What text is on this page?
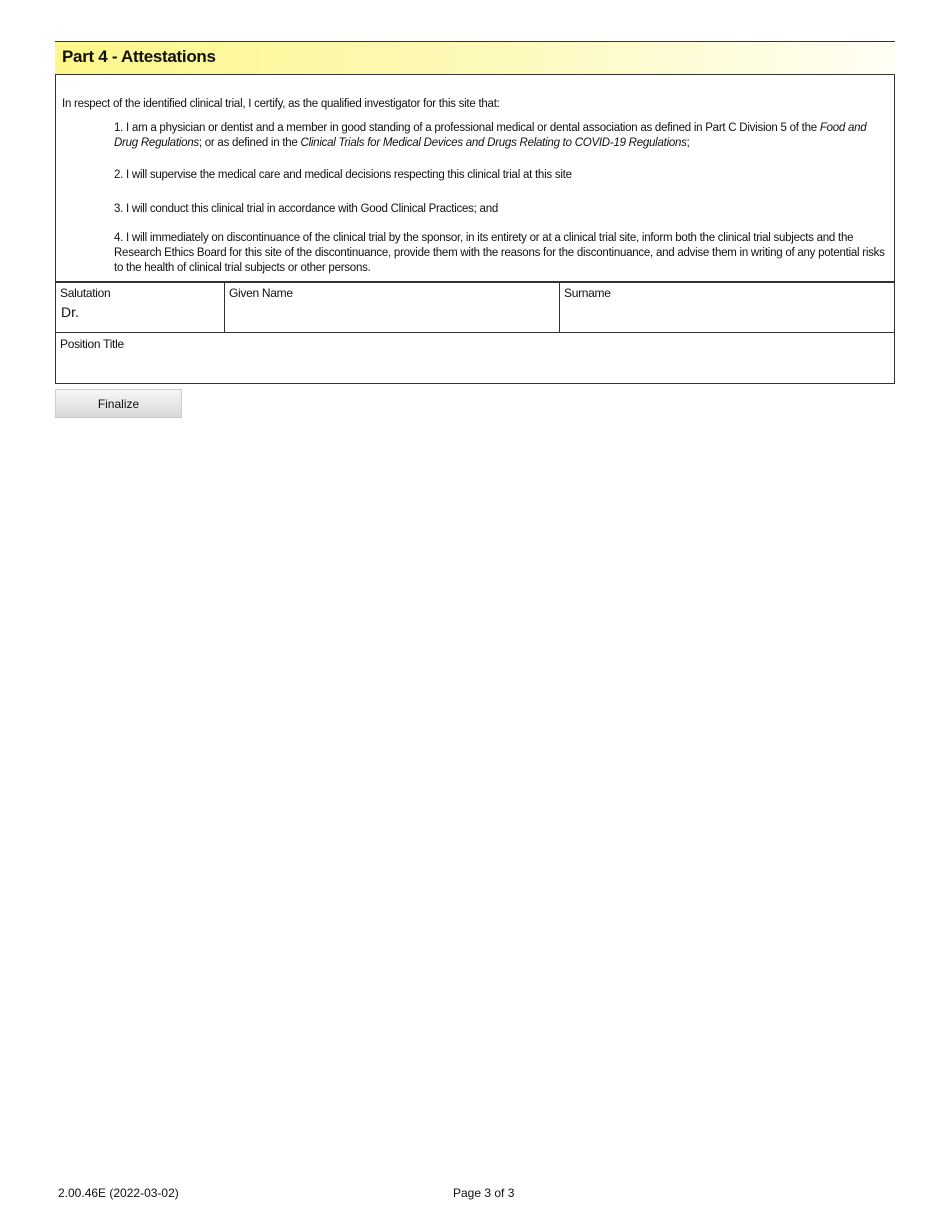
Part 4 - Attestations
In respect of the identified clinical trial, I certify, as the qualified investigator for this site that:
1. I am a physician or dentist and a member in good standing of a professional medical or dental association as defined in Part C Division 5 of the Food and Drug Regulations; or as defined in the Clinical Trials for Medical Devices and Drugs Relating to COVID-19 Regulations;
2. I will supervise the medical care and medical decisions respecting this clinical trial at this site
3. I will conduct this clinical trial in accordance with Good Clinical Practices; and
4. I will immediately on discontinuance of the clinical trial by the sponsor, in its entirety or at a clinical trial site, inform both the clinical trial subjects and the Research Ethics Board for this site of the discontinuance, provide them with the reasons for the discontinuance, and advise them in writing of any potential risks to the health of clinical trial subjects or other persons.
Salutation
Dr.
Given Name	Surname
Position Title
Finalize
2.00.46E (2022-03-02)	Page 3 of 3
